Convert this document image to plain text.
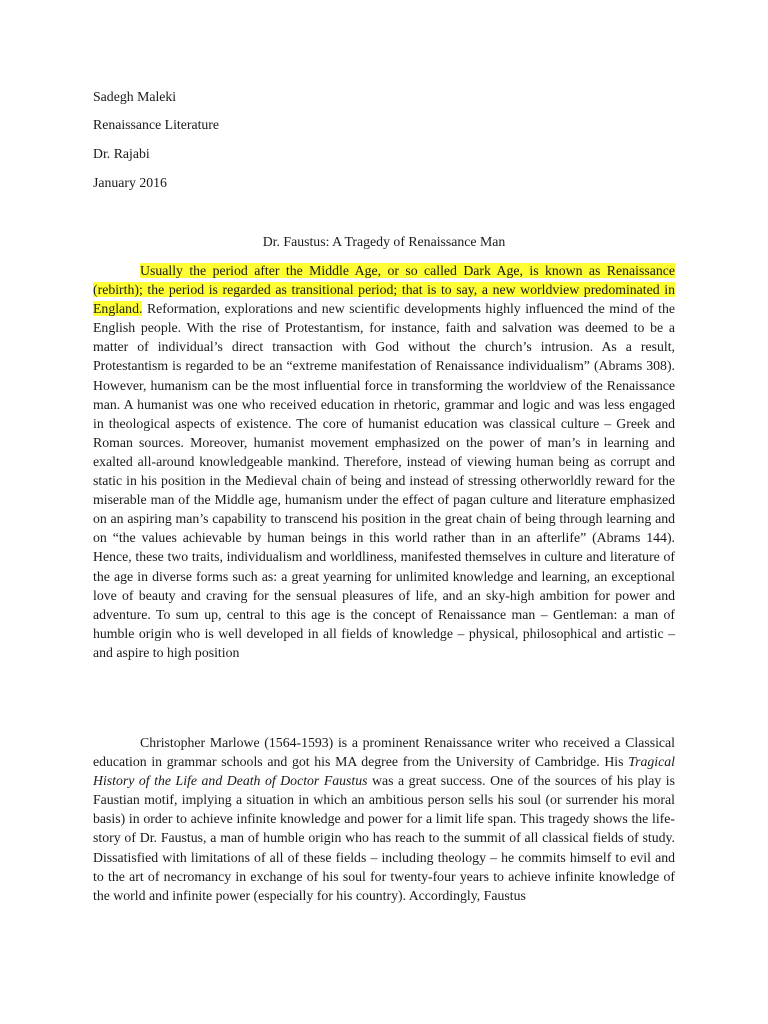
Sadegh Maleki

Renaissance Literature

Dr. Rajabi

January 2016

Dr. Faustus: A Tragedy of Renaissance Man

Usually the period after the Middle Age, or so called Dark Age, is known as Renaissance (rebirth); the period is regarded as transitional period; that is to say, a new worldview predominated in England. Reformation, explorations and new scientific developments highly influenced the mind of the English people. With the rise of Protestantism, for instance, faith and salvation was deemed to be a matter of individual’s direct transaction with God without the church’s intrusion. As a result, Protestantism is regarded to be an “extreme manifestation of Renaissance individualism” (Abrams 308). However, humanism can be the most influential force in transforming the worldview of the Renaissance man. A humanist was one who received education in rhetoric, grammar and logic and was less engaged in theological aspects of existence. The core of humanist education was classical culture – Greek and Roman sources. Moreover, humanist movement emphasized on the power of man’s in learning and exalted all-around knowledgeable mankind. Therefore, instead of viewing human being as corrupt and static in his position in the Medieval chain of being and instead of stressing otherworldly reward for the miserable man of the Middle age, humanism under the effect of pagan culture and literature emphasized on an aspiring man’s capability to transcend his position in the great chain of being through learning and on “the values achievable by human beings in this world rather than in an afterlife” (Abrams 144). Hence, these two traits, individualism and worldliness, manifested themselves in culture and literature of the age in diverse forms such as: a great yearning for unlimited knowledge and learning, an exceptional love of beauty and craving for the sensual pleasures of life, and an sky-high ambition for power and adventure. To sum up, central to this age is the concept of Renaissance man – Gentleman: a man of humble origin who is well developed in all fields of knowledge – physical, philosophical and artistic – and aspire to high position

Christopher Marlowe (1564-1593) is a prominent Renaissance writer who received a Classical education in grammar schools and got his MA degree from the University of Cambridge. His Tragical History of the Life and Death of Doctor Faustus was a great success. One of the sources of his play is Faustian motif, implying a situation in which an ambitious person sells his soul (or surrender his moral basis) in order to achieve infinite knowledge and power for a limit life span. This tragedy shows the life-story of Dr. Faustus, a man of humble origin who has reach to the summit of all classical fields of study. Dissatisfied with limitations of all of these fields – including theology – he commits himself to evil and to the art of necromancy in exchange of his soul for twenty-four years to achieve infinite knowledge of the world and infinite power (especially for his country). Accordingly, Faustus
